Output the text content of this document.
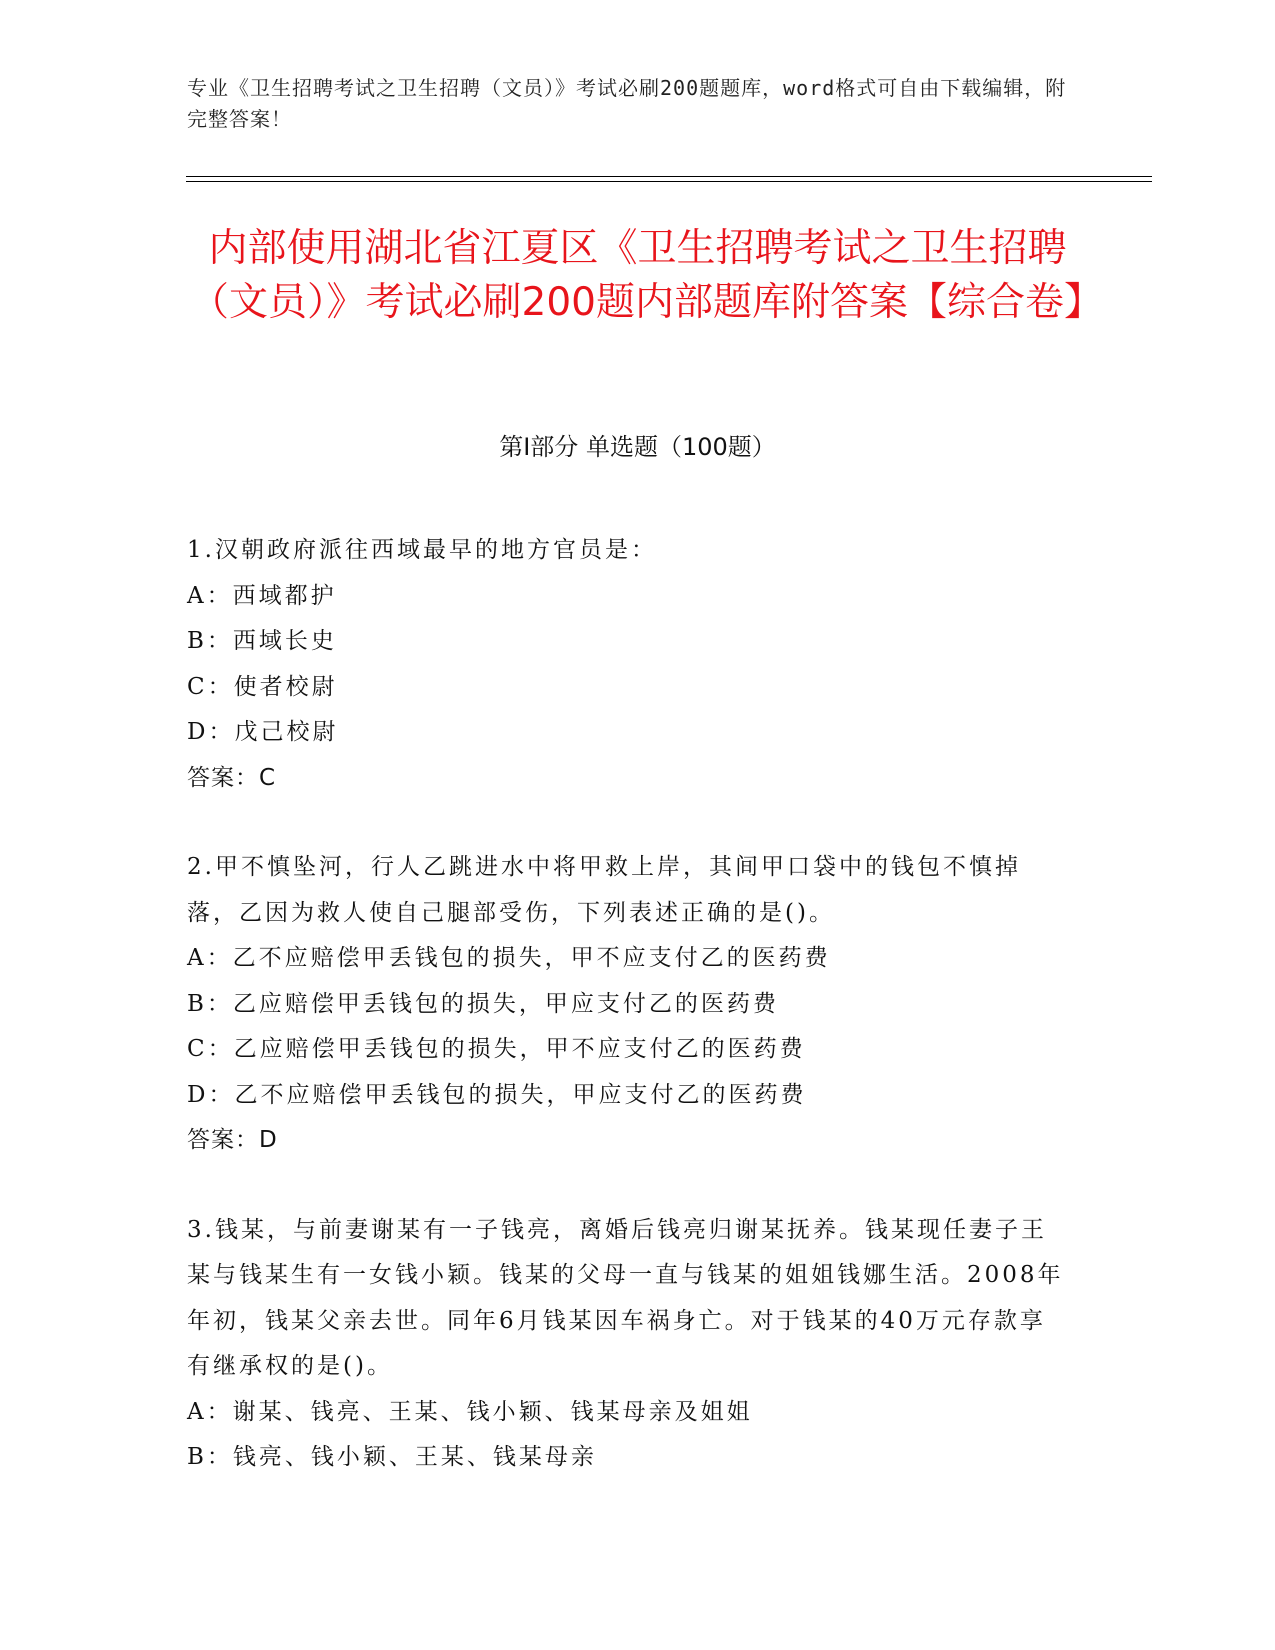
专业《卫生招聘考试之卫生招聘（文员）》考试必刷200题题库，word格式可自由下载编辑，附完整答案！
内部使用湖北省江夏区《卫生招聘考试之卫生招聘（文员）》考试必刷200题内部题库附答案【综合卷】
第I部分 单选题（100题）
1.汉朝政府派往西域最早的地方官员是：
A：西域都护
B：西域长史
C：使者校尉
D：戊己校尉
答案：C
2.甲不慎坠河，行人乙跳进水中将甲救上岸，其间甲口袋中的钱包不慎掉落，乙因为救人使自己腿部受伤，下列表述正确的是()。
A：乙不应赔偿甲丢钱包的损失，甲不应支付乙的医药费
B：乙应赔偿甲丢钱包的损失，甲应支付乙的医药费
C：乙应赔偿甲丢钱包的损失，甲不应支付乙的医药费
D：乙不应赔偿甲丢钱包的损失，甲应支付乙的医药费
答案：D
3.钱某，与前妻谢某有一子钱亮，离婚后钱亮归谢某抚养。钱某现任妻子王某与钱某生有一女钱小颖。钱某的父母一直与钱某的姐姐钱娜生活。2008年年初，钱某父亲去世。同年6月钱某因车祸身亡。对于钱某的40万元存款享有继承权的是()。
A：谢某、钱亮、王某、钱小颖、钱某母亲及姐姐
B：钱亮、钱小颖、王某、钱某母亲
